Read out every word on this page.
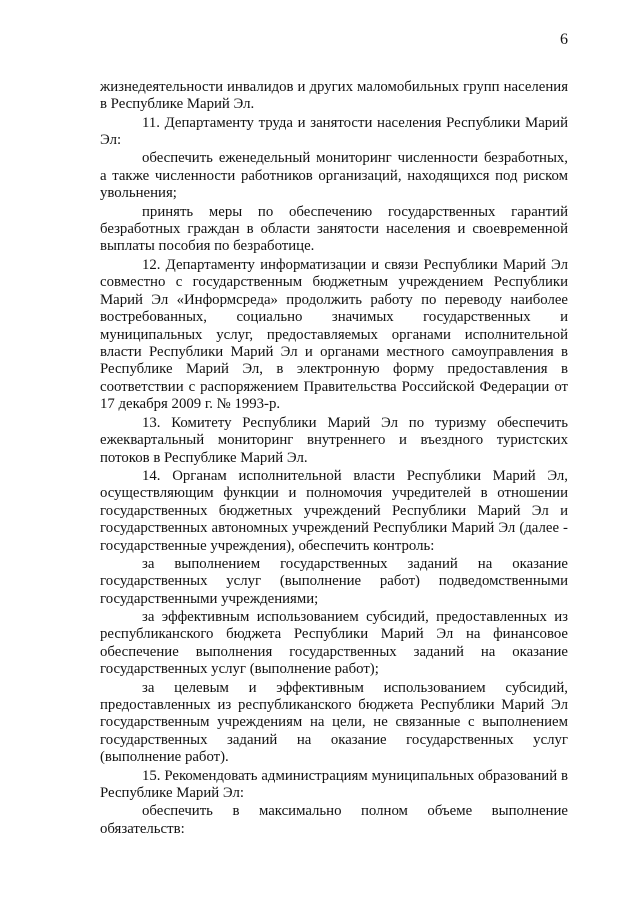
6

жизнедеятельности инвалидов и других маломобильных групп населения в Республике Марий Эл.

11. Департаменту труда и занятости населения Республики Марий Эл:

обеспечить еженедельный мониторинг численности безработных, а также численности работников организаций, находящихся под риском увольнения;

принять меры по обеспечению государственных гарантий безработных граждан в области занятости населения и своевременной выплаты пособия по безработице.

12. Департаменту информатизации и связи Республики Марий Эл совместно с государственным бюджетным учреждением Республики Марий Эл «Информсреда» продолжить работу по переводу наиболее востребованных, социально значимых государственных и муниципальных услуг, предоставляемых органами исполнительной власти Республики Марий Эл и органами местного самоуправления в Республике Марий Эл, в электронную форму предоставления в соответствии с распоряжением Правительства Российской Федерации от 17 декабря 2009 г. № 1993-р.

13. Комитету Республики Марий Эл по туризму обеспечить ежеквартальный мониторинг внутреннего и въездного туристских потоков в Республике Марий Эл.

14. Органам исполнительной власти Республики Марий Эл, осуществляющим функции и полномочия учредителей в отношении государственных бюджетных учреждений Республики Марий Эл и государственных автономных учреждений Республики Марий Эл (далее - государственные учреждения), обеспечить контроль:

за выполнением государственных заданий на оказание государственных услуг (выполнение работ) подведомственными государственными учреждениями;

за эффективным использованием субсидий, предоставленных из республиканского бюджета Республики Марий Эл на финансовое обеспечение выполнения государственных заданий на оказание государственных услуг (выполнение работ);

за целевым и эффективным использованием субсидий, предоставленных из республиканского бюджета Республики Марий Эл государственным учреждениям на цели, не связанные с выполнением государственных заданий на оказание государственных услуг (выполнение работ).

15. Рекомендовать администрациям муниципальных образований в Республике Марий Эл:

обеспечить в максимально полном объеме выполнение обязательств:
